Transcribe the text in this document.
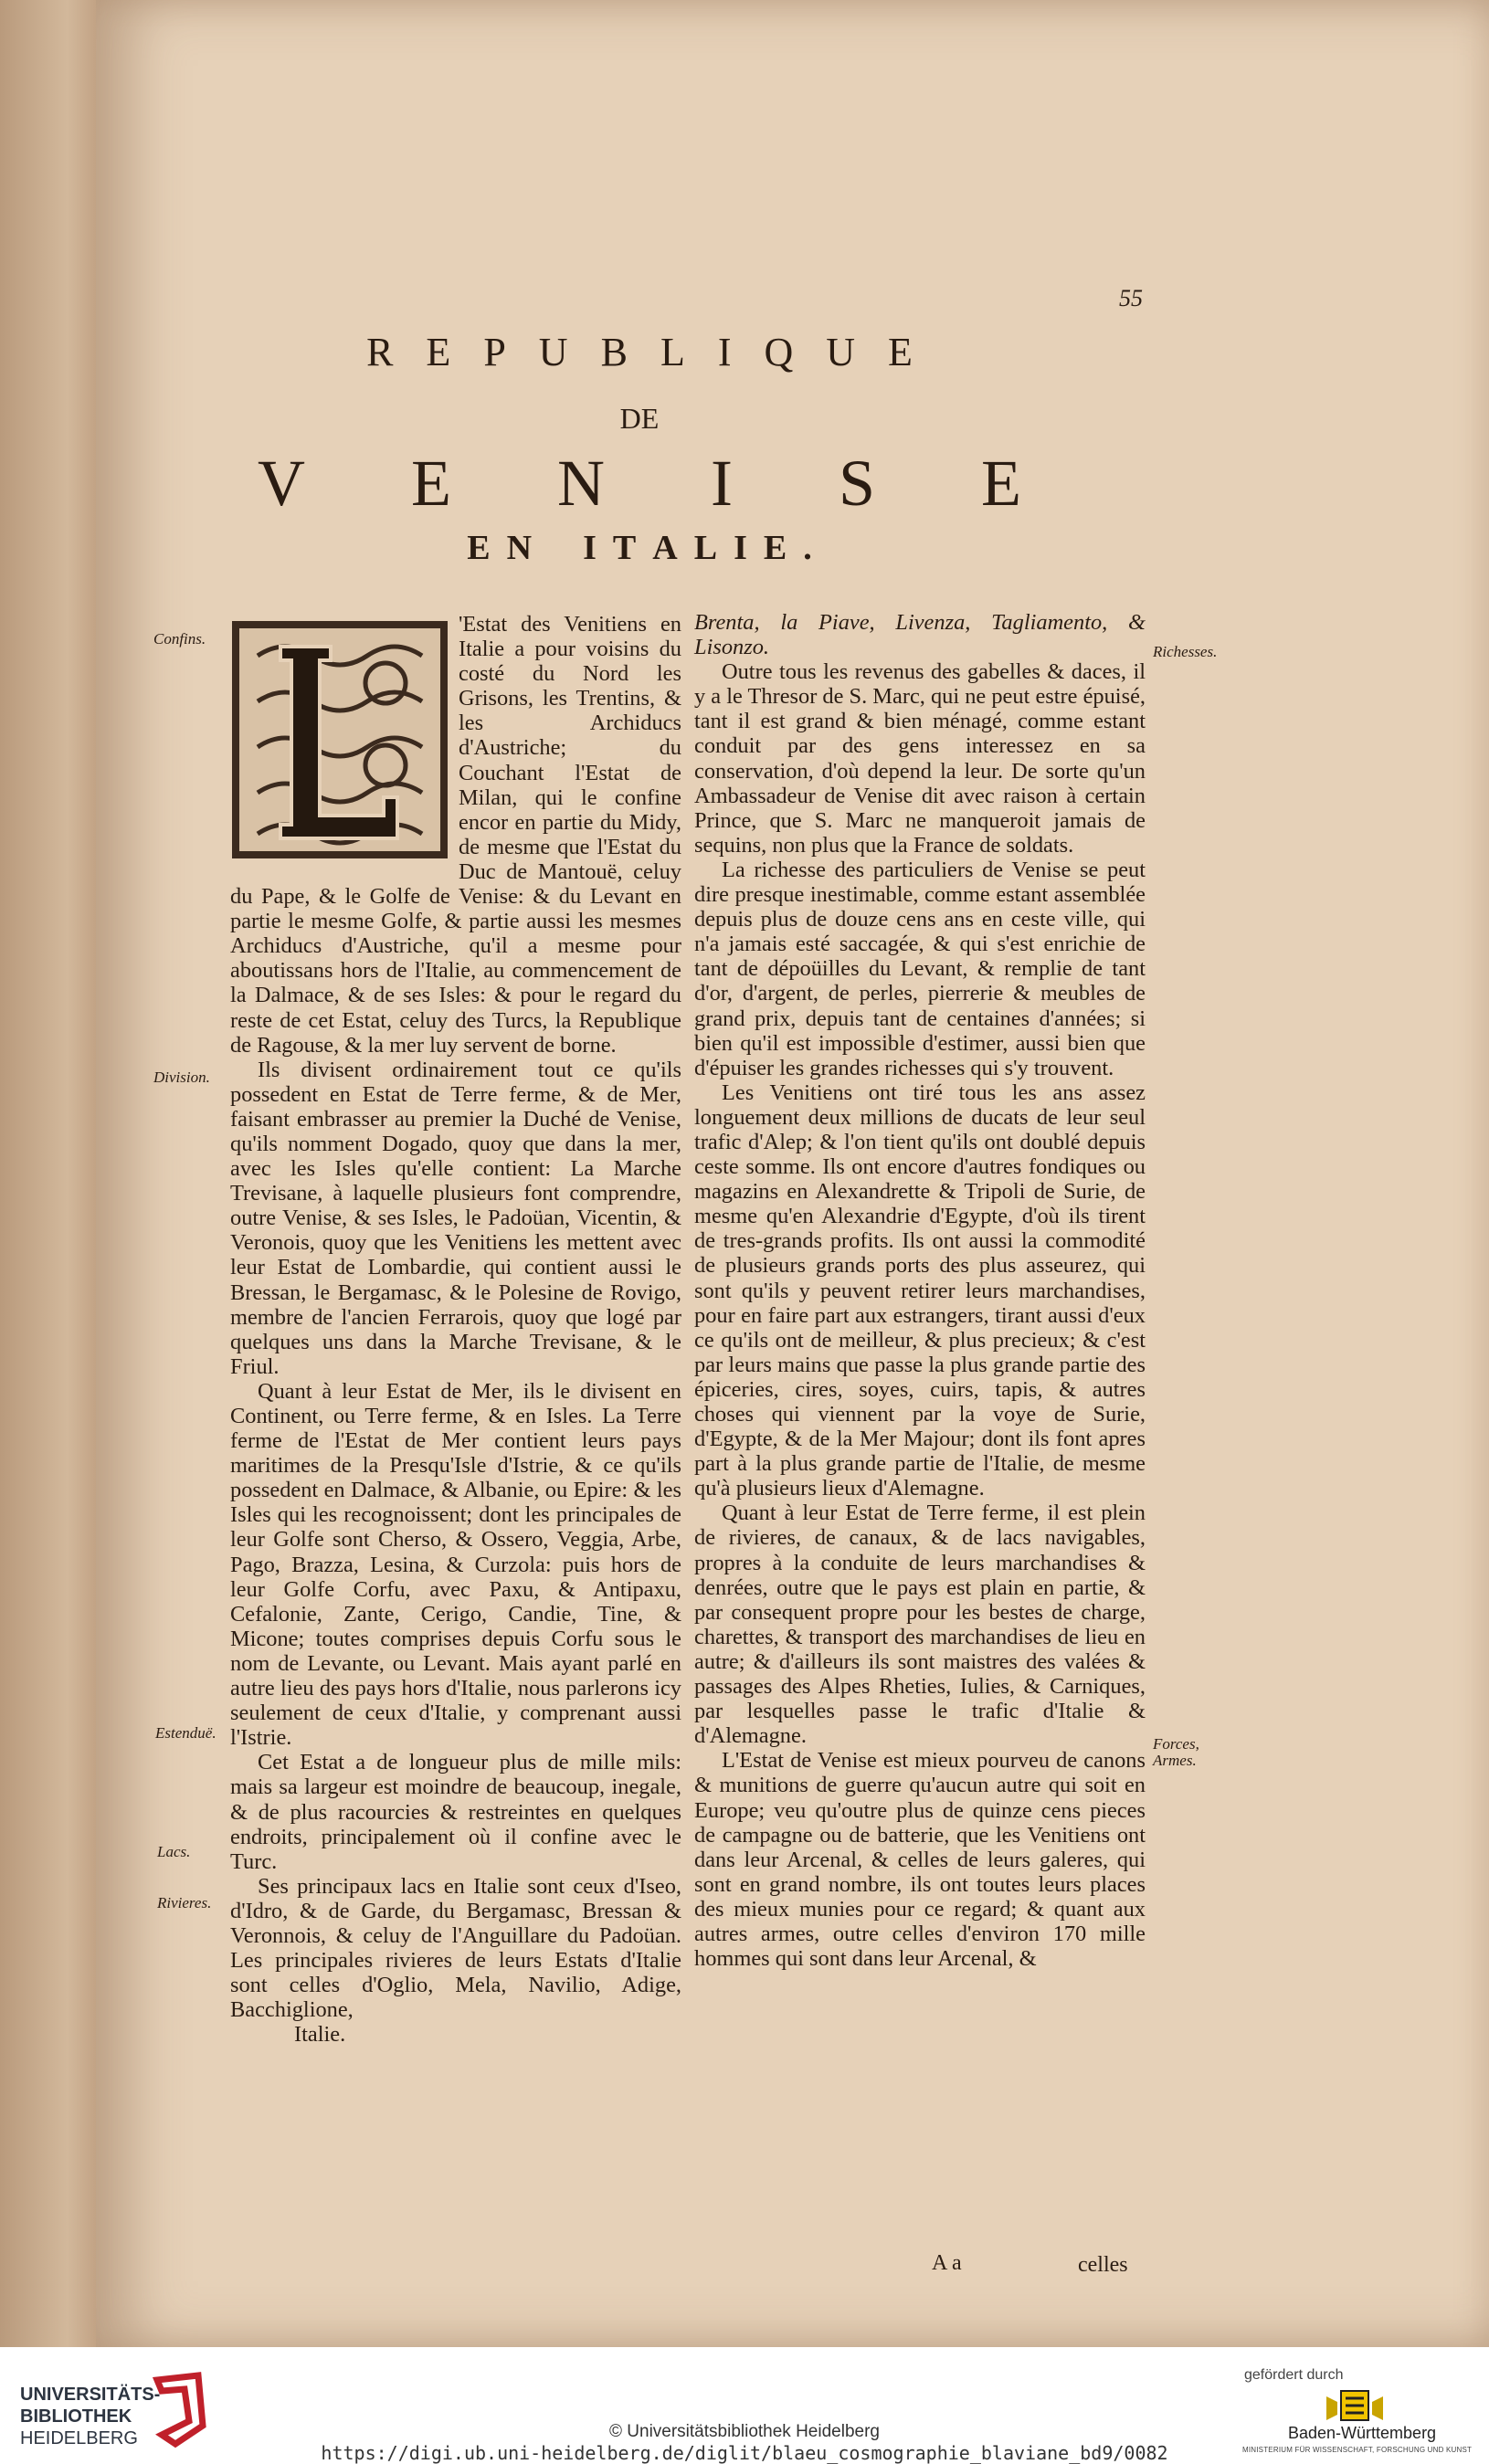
55
R E P U B L I Q U E
DE
V E N I S E
E N I T A L I E .
Confins.
Division.
Estenduë.
Lacs.
Rivieres.
Richesses.
Forces,
Armes.

'Estat des Venitiens en Italie a pour voisins du costé du Nord les Grisons, les Trentins, & les Archiducs d'Austriche; du Couchant l'Estat de Milan, qui le confine encor en partie du Midy, de mesme que l'Estat du Duc de Mantouë, celuy du Pape, & le Golfe de Venise: & du Levant en partie le mesme Golfe, & partie aussi les mesmes Archiducs d'Austriche, qu'il a mesme pour aboutissans hors de l'Italie, au commencement de la Dalmace, & de ses Isles: & pour le regard du reste de cet Estat, celuy des Turcs, la Republique de Ragouse, & la mer luy servent de borne.

Ils divisent ordinairement tout ce qu'ils possedent en Estat de Terre ferme, & de Mer, faisant embrasser au premier la Duché de Venise, qu'ils nomment Dogado, quoy que dans la mer, avec les Isles qu'elle contient: La Marche Trevisane, à laquelle plusieurs font comprendre, outre Venise, & ses Isles, le Padoüan, Vicentin, & Veronois, quoy que les Venitiens les mettent avec leur Estat de Lombardie, qui contient aussi le Bressan, le Bergamasc, & le Polesine de Rovigo, membre de l'ancien Ferrarois, quoy que logé par quelques uns dans la Marche Trevisane, & le Friul.

Quant à leur Estat de Mer, ils le divisent en Continent, ou Terre ferme, & en Isles. La Terre ferme de l'Estat de Mer contient leurs pays maritimes de la Presqu'Isle d'Istrie, & ce qu'ils possedent en Dalmace, & Albanie, ou Epire: & les Isles qui les recognoissent; dont les principales de leur Golfe sont Cherso, & Ossero, Veggia, Arbe, Pago, Brazza, Lesina, & Curzola: puis hors de leur Golfe Corfu, avec Paxu, & Antipaxu, Cefalonie, Zante, Cerigo, Candie, Tine, & Micone; toutes comprises depuis Corfu sous le nom de Levante, ou Levant. Mais ayant parlé en autre lieu des pays hors d'Italie, nous parlerons icy seulement de ceux d'Italie, y comprenant aussi l'Istrie.

Cet Estat a de longueur plus de mille mils: mais sa largeur est moindre de beaucoup, inegale, & de plus racourcies & restreintes en quelques endroits, principalement où il confine avec le Turc.

Ses principaux lacs en Italie sont ceux d'Iseo, d'Idro, & de Garde, du Bergamasc, Bressan & Veronnois, & celuy de l'Anguillare du Padoüan. Les principales rivieres de leurs Estats d'Italie sont celles d'Oglio, Mela, Navilio, Adige, Bacchiglione,

Italie.

Brenta, la Piave, Livenza, Tagliamento, & Lisonzo.

Outre tous les revenus des gabelles & daces, il y a le Thresor de S. Marc, qui ne peut estre épuisé, tant il est grand & bien ménagé, comme estant conduit par des gens interessez en sa conservation, d'où depend la leur. De sorte qu'un Ambassadeur de Venise dit avec raison à certain Prince, que S. Marc ne manqueroit jamais de sequins, non plus que la France de soldats.

La richesse des particuliers de Venise se peut dire presque inestimable, comme estant assemblée depuis plus de douze cens ans en ceste ville, qui n'a jamais esté saccagée, & qui s'est enrichie de tant de dépoüilles du Levant, & remplie de tant d'or, d'argent, de perles, pierrerie & meubles de grand prix, depuis tant de centaines d'années; si bien qu'il est impossible d'estimer, aussi bien que d'épuiser les grandes richesses qui s'y trouvent.

Les Venitiens ont tiré tous les ans assez longuement deux millions de ducats de leur seul trafic d'Alep; & l'on tient qu'ils ont doublé depuis ceste somme. Ils ont encore d'autres fondiques ou magazins en Alexandrette & Tripoli de Surie, de mesme qu'en Alexandrie d'Egypte, d'où ils tirent de tres-grands profits. Ils ont aussi la commodité de plusieurs grands ports des plus asseurez, qui sont qu'ils y peuvent retirer leurs marchandises, pour en faire part aux estrangers, tirant aussi d'eux ce qu'ils ont de meilleur, & plus precieux; & c'est par leurs mains que passe la plus grande partie des épiceries, cires, soyes, cuirs, tapis, & autres choses qui viennent par la voye de Surie, d'Egypte, & de la Mer Majour; dont ils font apres part à la plus grande partie de l'Italie, de mesme qu'à plusieurs lieux d'Alemagne.

Quant à leur Estat de Terre ferme, il est plein de rivieres, de canaux, & de lacs navigables, propres à la conduite de leurs marchandises & denrées, outre que le pays est plain en partie, & par consequent propre pour les bestes de charge, charettes, & transport des marchandises de lieu en autre; & d'ailleurs ils sont maistres des valées & passages des Alpes Rheties, Iulies, & Carniques, par lesquelles passe le trafic d'Italie & d'Alemagne.

L'Estat de Venise est mieux pourveu de canons & munitions de guerre qu'aucun autre qui soit en Europe; veu qu'outre plus de quinze cens pieces de campagne ou de batterie, que les Venitiens ont dans leur Arcenal, & celles de leurs galeres, qui sont en grand nombre, ils ont toutes leurs places des mieux munies pour ce regard; & quant aux autres armes, outre celles d'environ 170 mille hommes qui sont dans leur Arcenal, &

A a	celles
UNIVERSITÄTS-
BIBLIOTHEK
HEIDELBERG	© Universitätsbibliothek Heidelberg
https://digi.ub.uni-heidelberg.de/diglit/blaeu_cosmographie_blaviane_bd9/0082
gefördert durch
Baden-Württemberg
MINISTERIUM FÜR WISSENSCHAFT, FORSCHUNG UND KUNST
